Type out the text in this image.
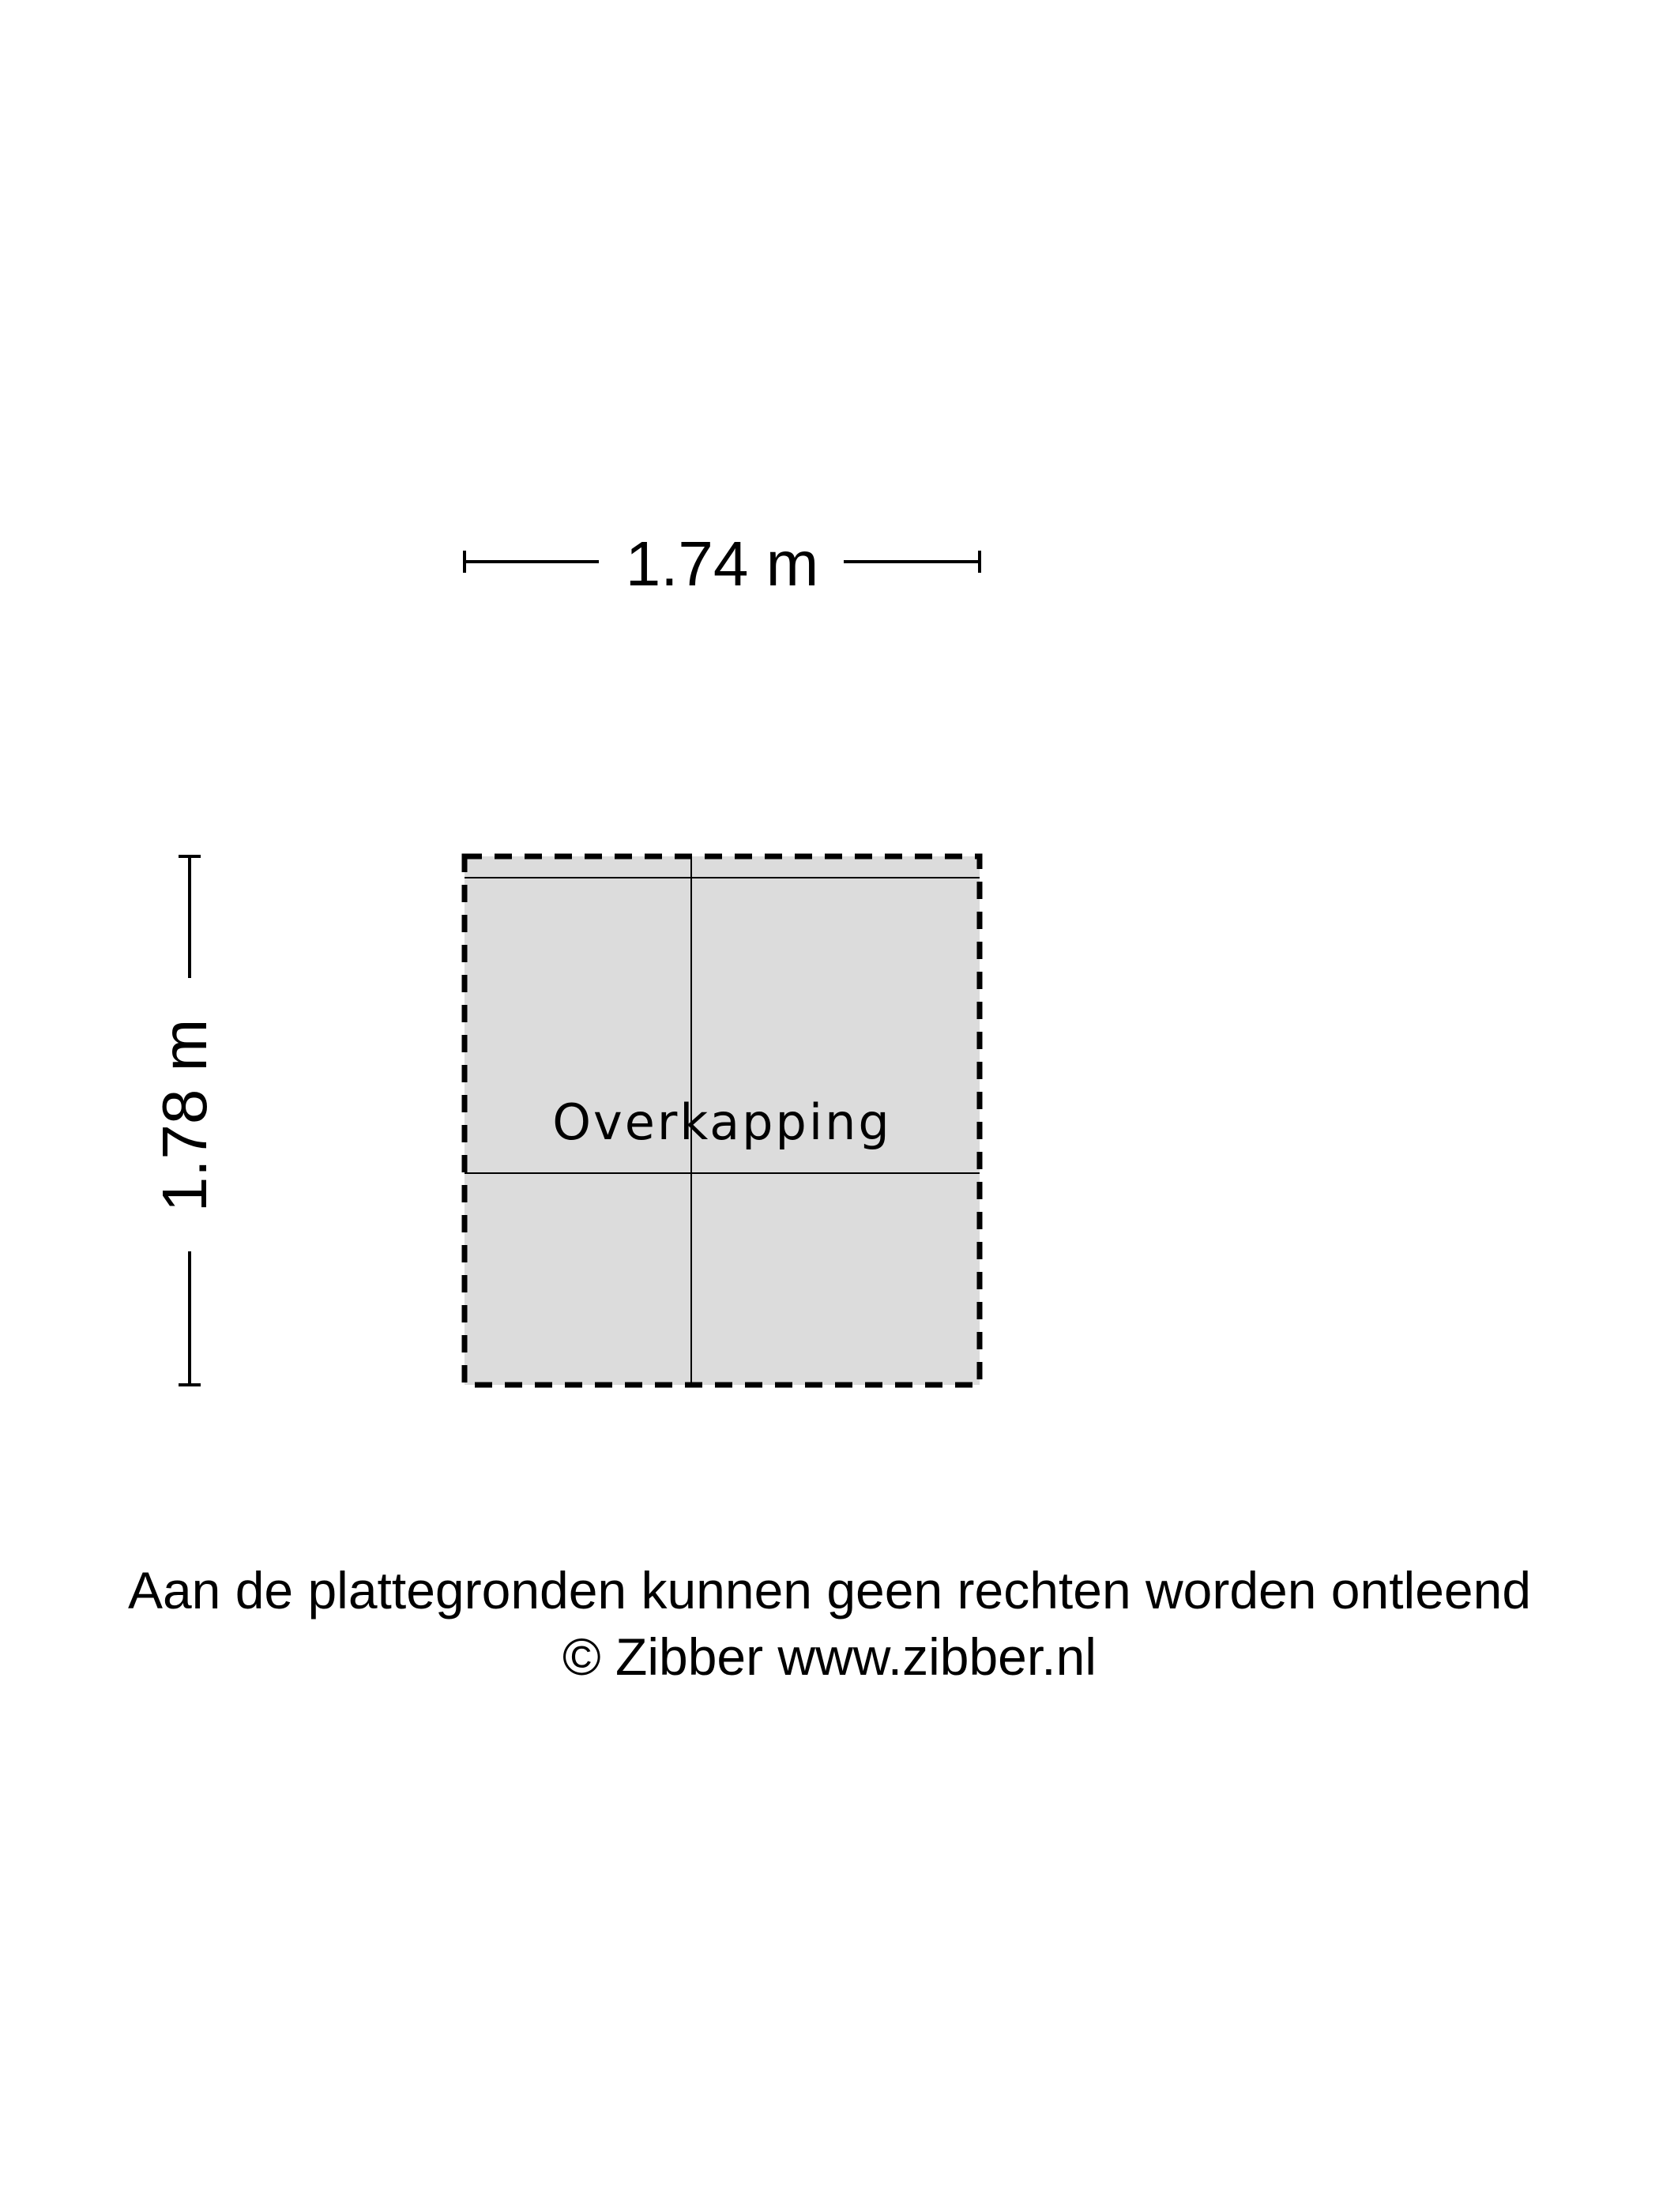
1.74 m
1.78 m	Overkapping
Aan de plattegronden kunnen geen rechten worden ontleend
© Zibber www.zibber.nl
